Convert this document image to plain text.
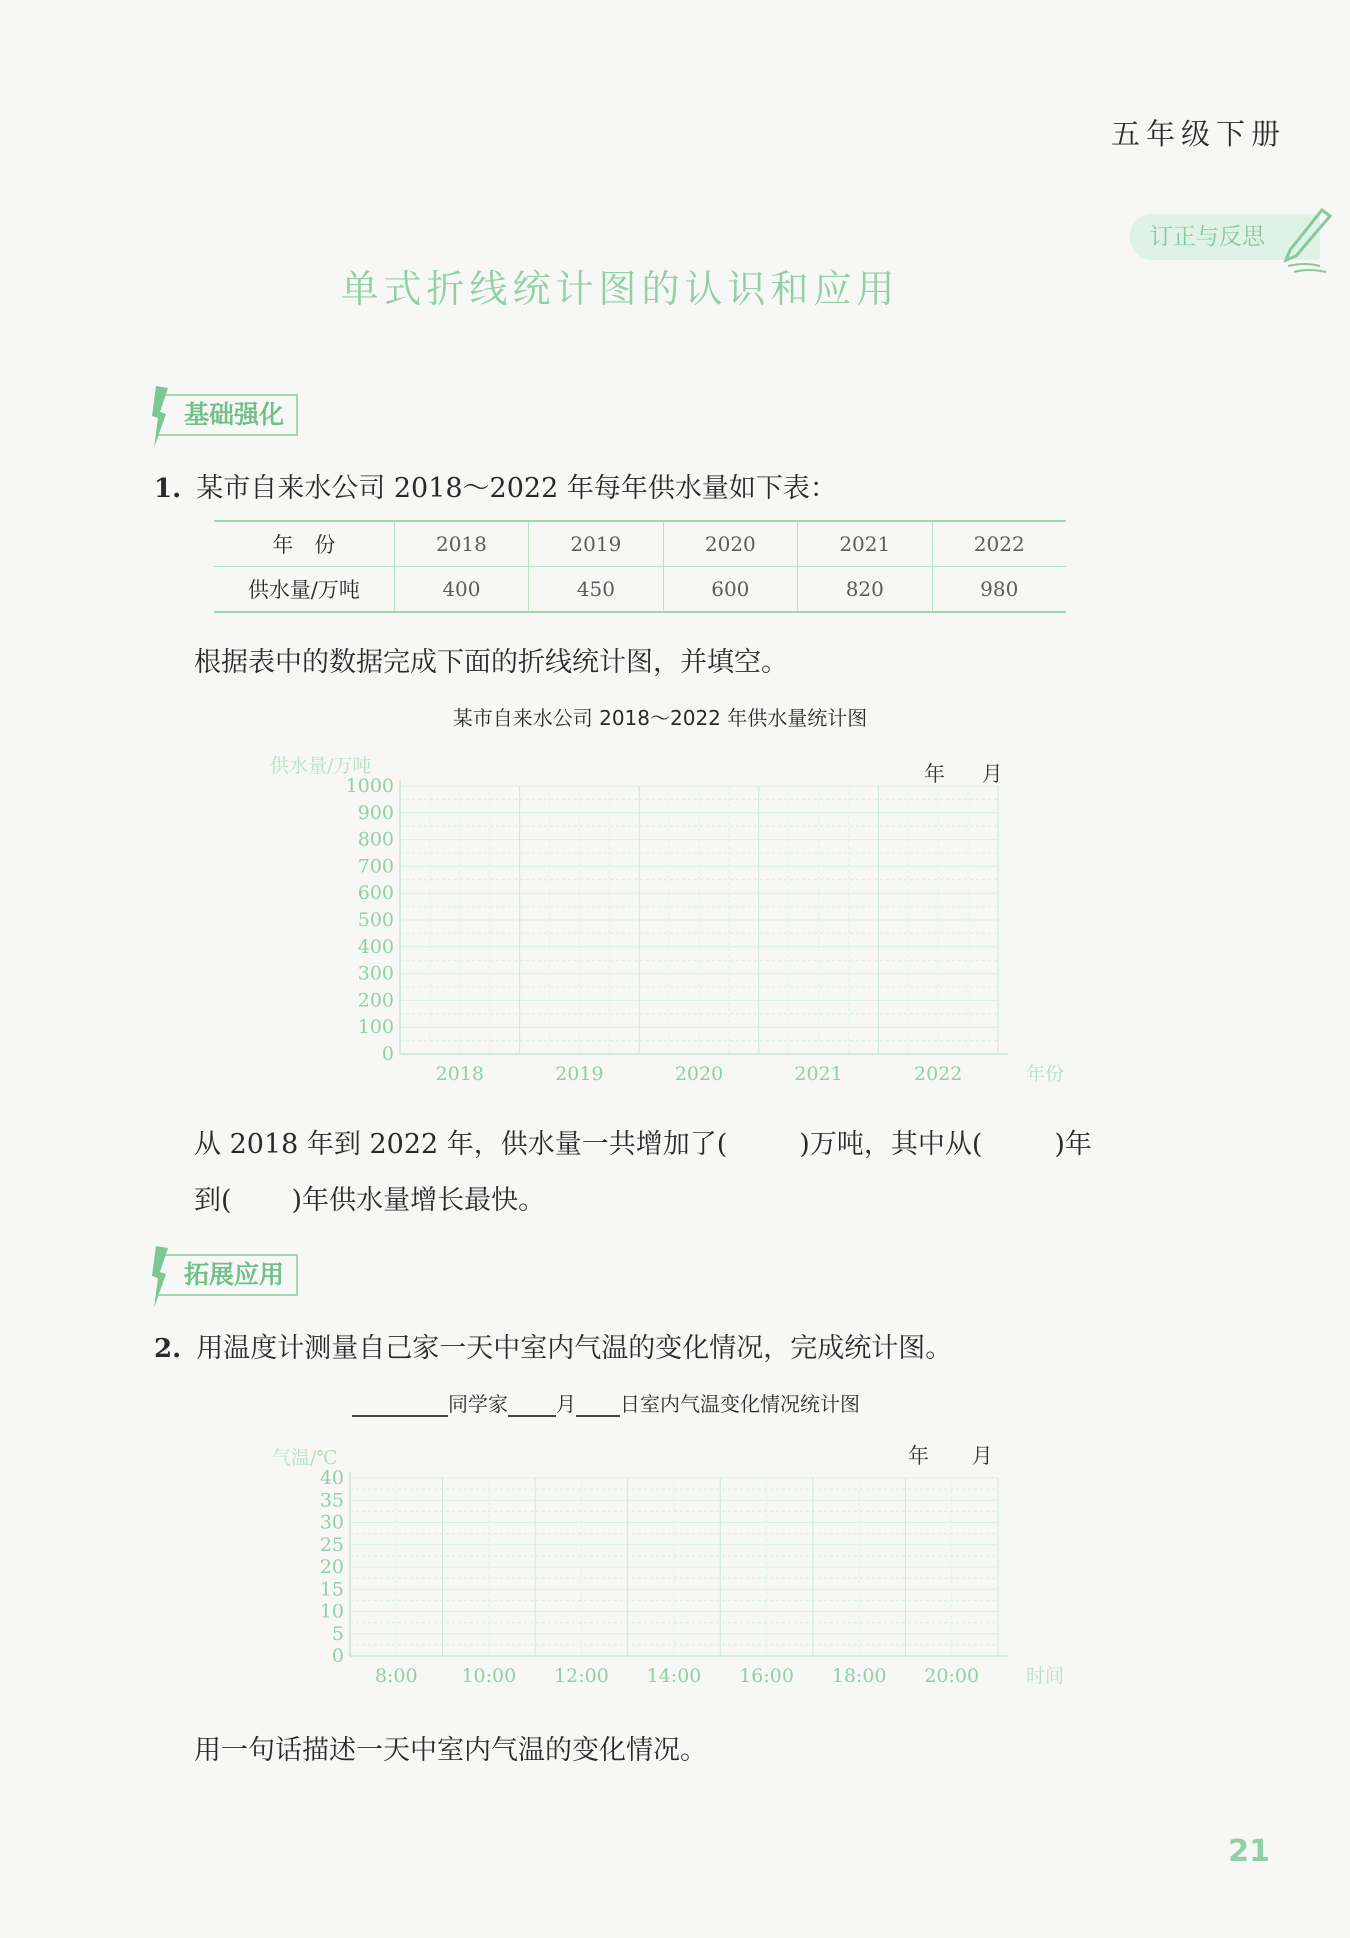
五年级下册
订正与反思
单式折线统计图的认识和应用
基础强化
1. 某市自来水公司 2018～2022 年每年供水量如下表：
年　份	2018	2019	2020	2021	2022
供水量/万吨	400	450	600	820	980
根据表中的数据完成下面的折线统计图，并填空。
某市自来水公司 2018～2022 年供水量统计图
年 月
0
100
200
300
400
500
600
700
800
900
1000
供水量/万吨
2018	2019	2020	2021	2022	年份
从 2018 年到 2022 年，供水量一共增加了(	)万吨，其中从(	)年
到( )年供水量增长最快。
拓展应用
2. 用温度计测量自己家一天中室内气温的变化情况，完成统计图。
同学家 月 日室内气温变化情况统计图
年 月
0
5
10
15
20
25
30
35
40
气温/℃
8:00 10:00 12:00 14:00 16:00 18:00 20:00 时间
用一句话描述一天中室内气温的变化情况。
21
